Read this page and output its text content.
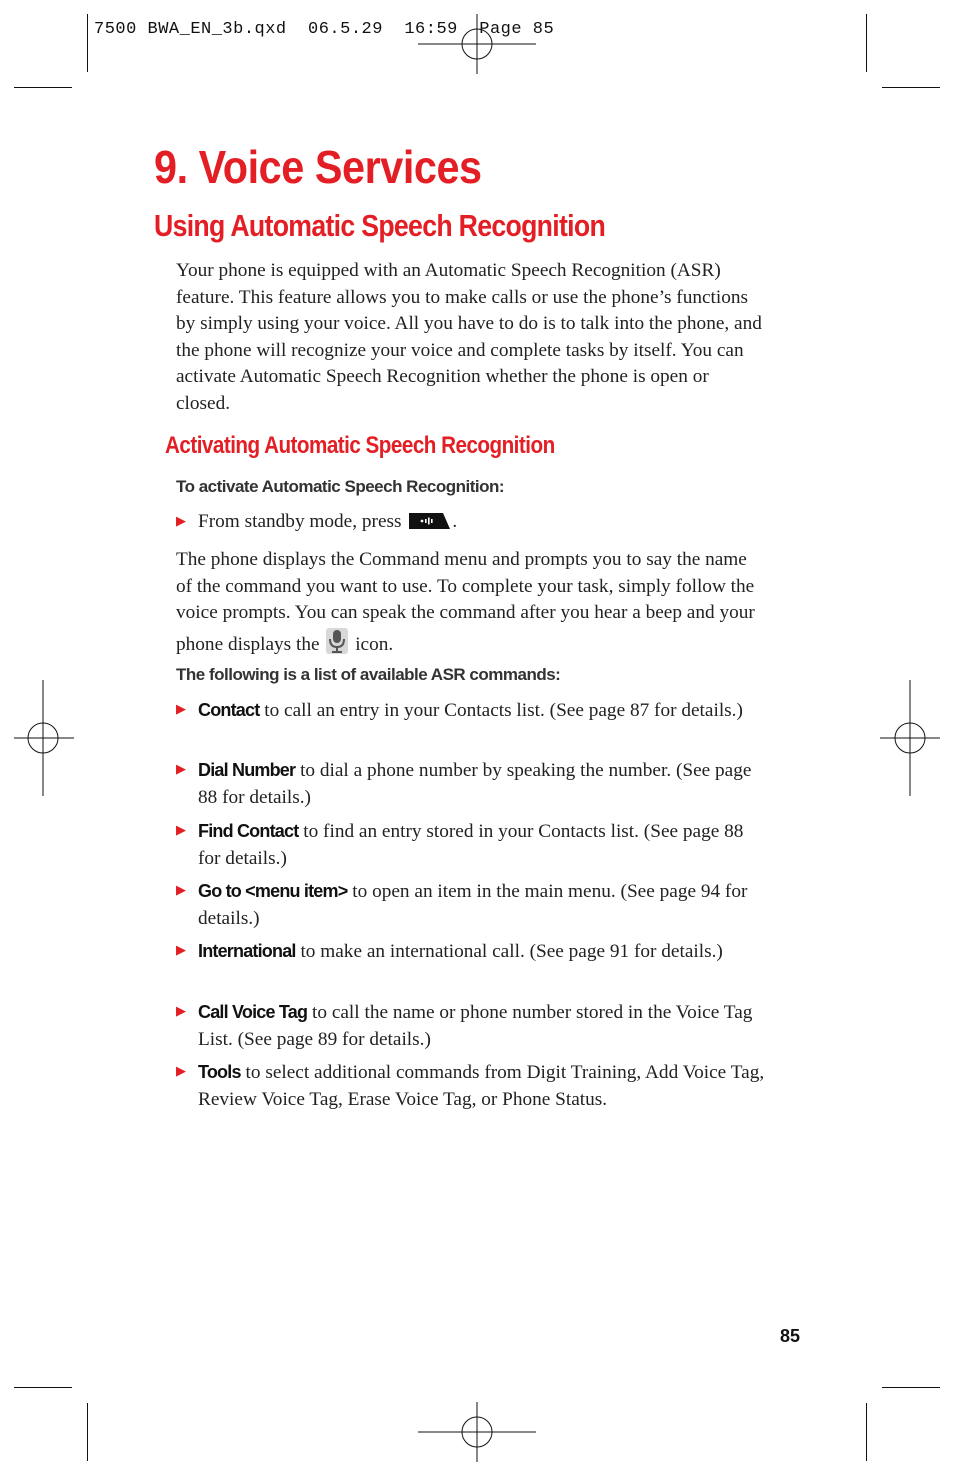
7500 BWA_EN_3b.qxd  06.5.29  16:59  Page 85
9. Voice Services
Using Automatic Speech Recognition

Your phone is equipped with an Automatic Speech Recognition (ASR) feature. This feature allows you to make calls or use the phone’s functions by simply using your voice. All you have to do is to talk into the phone, and the phone will recognize your voice and complete tasks by itself. You can activate Automatic Speech Recognition whether the phone is open or closed.

Activating Automatic Speech Recognition
To activate Automatic Speech Recognition:
▶ From standby mode, press	.

The phone displays the Command menu and prompts you to say the name of the command you want to use. To complete your task, simply follow the voice prompts. You can speak the command after you hear a beep and your phone displays the icon.

The following is a list of available ASR commands:
▶ Contact to call an entry in your Contacts list. (See page 87 for details.)
▶ Dial Number to dial a phone number by speaking the number. (See page 88 for details.)
▶ Find Contact to find an entry stored in your Contacts list. (See page 88 for details.)
▶ Go to <menu item> to open an item in the main menu. (See page 94 for details.)
▶ International to make an international call. (See page 91 for details.)
▶ Call Voice Tag to call the name or phone number stored in the Voice Tag List. (See page 89 for details.)
▶ Tools to select additional commands from Digit Training, Add Voice Tag, Review Voice Tag, Erase Voice Tag, or Phone Status.
85
